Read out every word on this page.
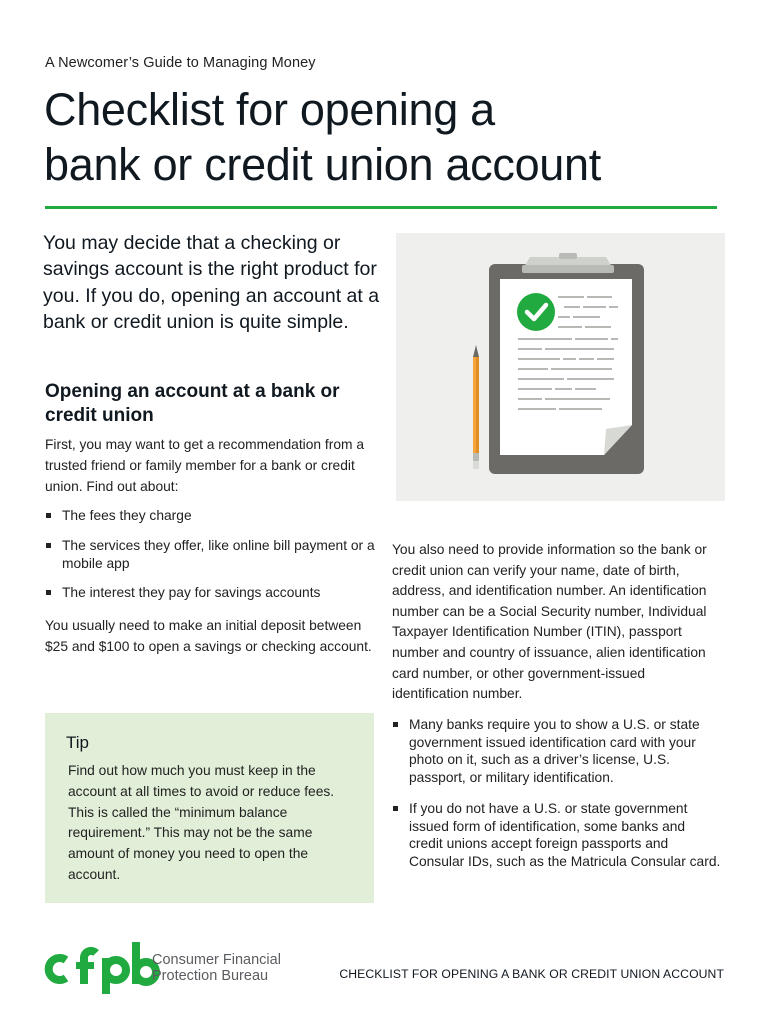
A Newcomer’s Guide to Managing Money
Checklist for opening a
bank or credit union account

You may decide that a checking or savings account is the right product for you. If you do, opening an account at a bank or credit union is quite simple.

Opening an account at a bank or credit union

First, you may want to get a recommendation from a trusted friend or family member for a bank or credit union. Find out about:

The fees they charge
The services they offer, like online bill payment or a mobile app
The interest they pay for savings accounts

You usually need to make an initial deposit between $25 and $100 to open a savings or checking account.

You also need to provide information so the bank or credit union can verify your name, date of birth, address, and identification number. An identification number can be a Social Security number, Individual Taxpayer Identification Number (ITIN), passport number and country of issuance, alien identification card number, or other government-issued identification number.

Many banks require you to show a U.S. or state government issued identification card with your photo on it, such as a driver’s license, U.S. passport, or military identification.
If you do not have a U.S. or state government issued form of identification, some banks and credit unions accept foreign passports and Consular IDs, such as the Matricula Consular card.
Tip

Find out how much you must keep in the account at all times to avoid or reduce fees. This is called the “minimum balance requirement.” This may not be the same amount of money you need to open the account.

Consumer Financial
Protection Bureau	CHECKLIST FOR OPENING A BANK OR CREDIT UNION ACCOUNT
